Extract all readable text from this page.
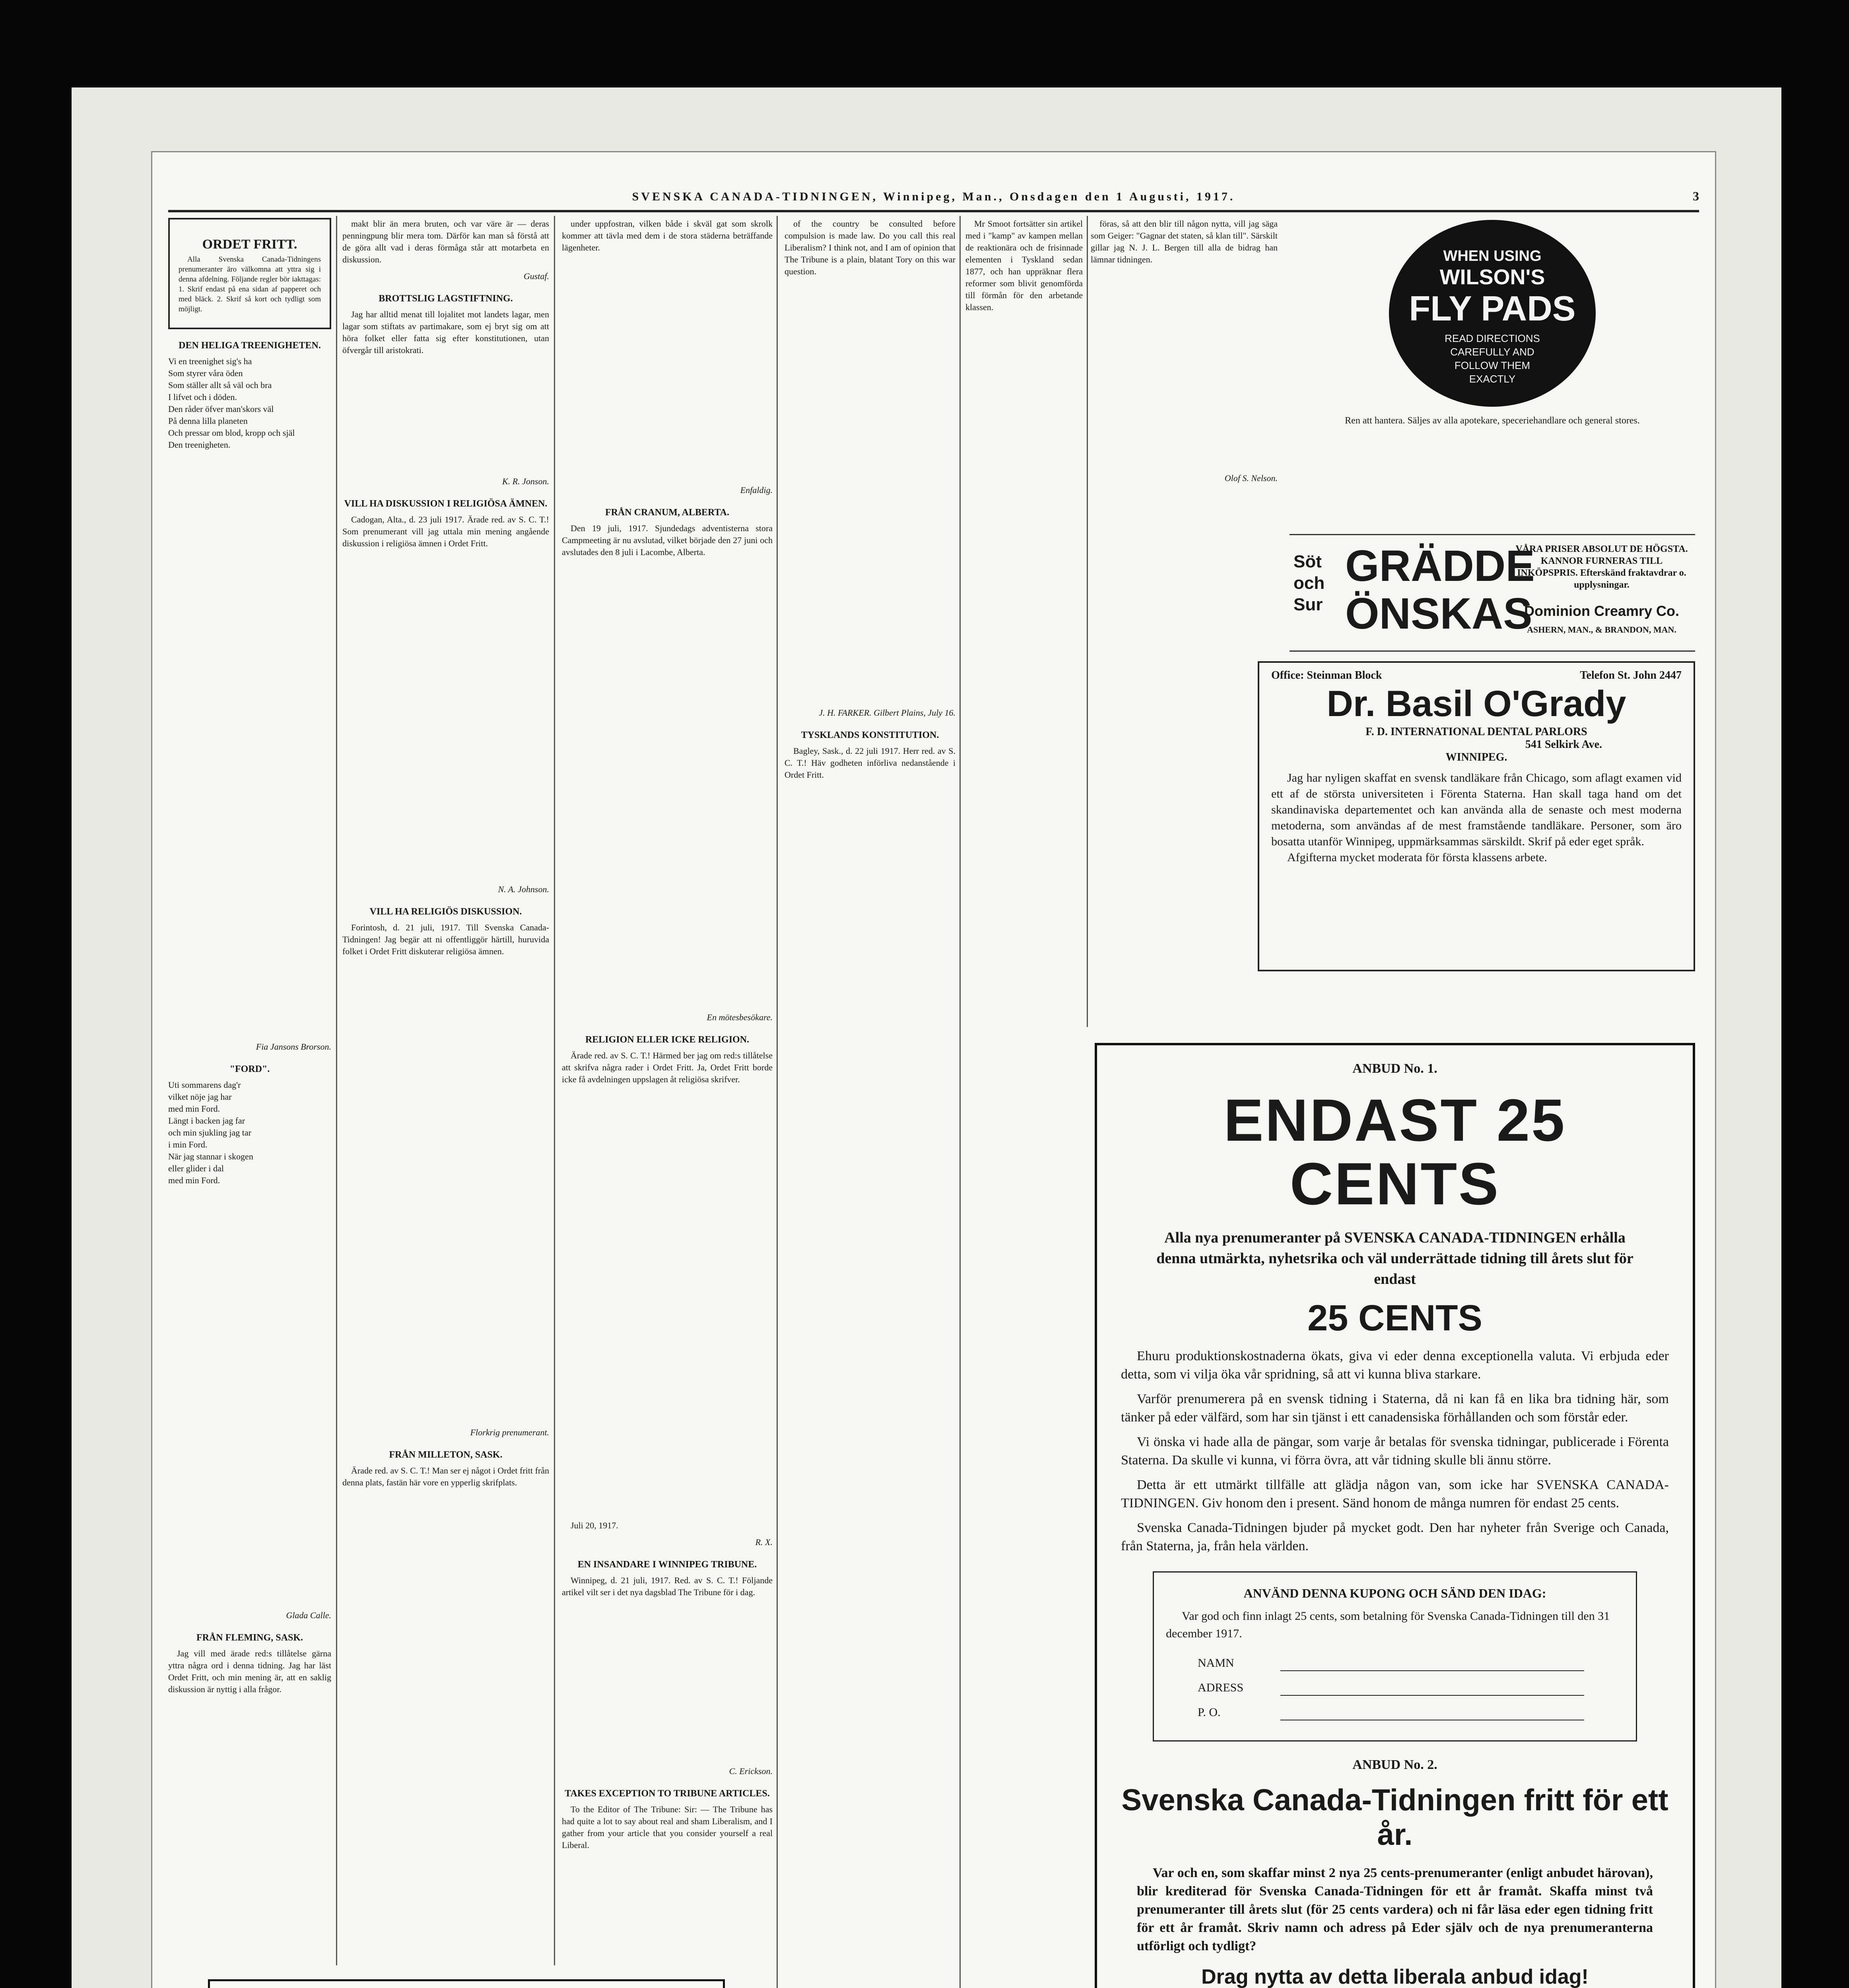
SVENSKA CANADA-TIDNINGEN, Winnipeg, Man., Onsdagen den 1 Augusti, 1917.	3
ORDET FRITT.
Alla Svenska Canada-Tidningens prenumeranter äro välkomna att yttra sig i denna afdelning. Följande regler bör iakttagas: 1. Skrif endast på ena sidan af papperet och med bläck. 2. Skrif så kort och tydligt som möjligt.
DEN HELIGA TREENIGHETEN.
Vi en treenighet sig's ha
Som styrer våra öden
Som ställer allt så väl och bra
I lifvet och i döden.
Den råder öfver man'skors väl
På denna lilla planeten
Och pressar om blod, kropp och själ
Den treenigheten.
Fia Jansons Brorson.
"FORD".
Uti sommarens dag'r
vilket nöje jag har
med min Ford.
Längt i backen jag far
och min sjukling jag tar
i min Ford.
När jag stannar i skogen
eller glider i dal
med min Ford.
Glada Calle.
FRÅN FLEMING, SASK.
Jag vill med ärade red:s tillåtelse gärna yttra några ord i denna tidning. Jag har läst Ordet Fritt, och min mening är, att en saklig diskussion är nyttig i alla frågor.
makt blir än mera bruten, och var väre är — deras penningpung blir mera tom. Därför kan man så förstå att de göra allt vad i deras förmåga står att motarbeta en diskussion.
Gustaf.
BROTTSLIG LAGSTIFTNING.
Jag har alltid menat till lojalitet mot landets lagar, men lagar som stiftats av partimakare, som ej bryt sig om att höra folket eller fatta sig efter konstitutionen, utan öfvergår till aristokrati.
K. R. Jonson.
VILL HA DISKUSSION I RELIGIÖSA ÄMNEN.
Cadogan, Alta., d. 23 juli 1917. Ärade red. av S. C. T.! Som prenumerant vill jag uttala min mening angående diskussion i religiösa ämnen i Ordet Fritt.
N. A. Johnson.
VILL HA RELIGIÖS DISKUSSION.
Forintosh, d. 21 juli, 1917. Till Svenska Canada-Tidningen! Jag begär att ni offentliggör härtill, huruvida folket i Ordet Fritt diskuterar religiösa ämnen.
Florkrig prenumerant.
FRÅN MILLETON, SASK.
Ärade red. av S. C. T.! Man ser ej något i Ordet fritt från denna plats, fastän här vore en ypperlig skrifplats.
under uppfostran, vilken både i skväl gat som skrolk kommer att tävla med dem i de stora städerna beträffande lägenheter.
Enfaldig.
FRÅN CRANUM, ALBERTA.
Den 19 juli, 1917. Sjundedags adventisterna stora Campmeeting är nu avslutad, vilket började den 27 juni och avslutades den 8 juli i Lacombe, Alberta.
En mötesbesökare.
RELIGION ELLER ICKE RELIGION.
Ärade red. av S. C. T.! Härmed ber jag om red:s tillåtelse att skrifva några rader i Ordet Fritt. Ja, Ordet Fritt borde icke få avdelningen uppslagen åt religiösa skrifver.
Juli 20, 1917.
R. X.
EN INSANDARE I WINNIPEG TRIBUNE.
Winnipeg, d. 21 juli, 1917. Red. av S. C. T.! Följande artikel vilt ser i det nya dagsblad The Tribune för i dag.
C. Erickson.
TAKES EXCEPTION TO TRIBUNE ARTICLES.
To the Editor of The Tribune: Sir: — The Tribune has had quite a lot to say about real and sham Liberalism, and I gather from your article that you consider yourself a real Liberal.
of the country be consulted before compulsion is made law. Do you call this real Liberalism? I think not, and I am of opinion that The Tribune is a plain, blatant Tory on this war question.
J. H. FARKER. Gilbert Plains, July 16.
TYSKLANDS KONSTITUTION.
Bagley, Sask., d. 22 juli 1917. Herr red. av S. C. T.! Häv godheten införliva nedanstående i Ordet Fritt.
Mr Smoot fortsätter sin artikel med i "kamp" av kampen mellan de reaktionära och de frisinnade elementen i Tyskland sedan 1877, och han uppräknar flera reformer som blivit genomförda till förmån för den arbetande klassen.
föras, så att den blir till någon nytta, vill jag säga som Geiger: "Gagnar det staten, så klan till". Särskilt gillar jag N. J. L. Bergen till alla de bidrag han lämnar tidningen.
Olof S. Nelson.
WHEN USING
WILSON'S
FLY PADS
READ DIRECTIONS CAREFULLY AND FOLLOW THEM EXACTLY
Ren att hantera. Säljes av alla apotekare, speceriehandlare och general stores.
Söt och Sur
GRÄDDE
ÖNSKAS
VÅRA PRISER ABSOLUT DE HÖGSTA. KANNOR FURNERAS TILL INKÖPSPRIS. Efterskänd fraktavdrar o. upplysningar.
Dominion Creamry Co.
ASHERN, MAN., & BRANDON, MAN.
Office: Steinman Block	Telefon St. John 2447
Dr. Basil O'Grady
F. D. INTERNATIONAL DENTAL PARLORS
541 Selkirk Ave.
WINNIPEG.
Jag har nyligen skaffat en svensk tandläkare från Chicago, som aflagt examen vid ett af de största universiteten i Förenta Staterna. Han skall taga hand om det skandinaviska departementet och kan använda alla de senaste och mest moderna metoderna, som användas af de mest framstående tandläkare. Personer, som äro bosatta utanför Winnipeg, uppmärksammas särskildt. Skrif på eder eget språk.
Afgifterna mycket moderata för första klassens arbete.
ANBUD No. 1.
ENDAST 25 CENTS
Alla nya prenumeranter på SVENSKA CANADA-TIDNINGEN erhålla denna utmärkta, nyhetsrika och väl underrättade tidning till årets slut för endast
25 CENTS
Ehuru produktionskostnaderna ökats, giva vi eder denna exceptionella valuta. Vi erbjuda eder detta, som vi vilja öka vår spridning, så att vi kunna bliva starkare.
Varför prenumerera på en svensk tidning i Staterna, då ni kan få en lika bra tidning här, som tänker på eder välfärd, som har sin tjänst i ett canadensiska förhållanden och som förstår eder.
Vi önska vi hade alla de pängar, som varje år betalas för svenska tidningar, publicerade i Förenta Staterna. Da skulle vi kunna, vi förra övra, att vår tidning skulle bli ännu större.
Detta är ett utmärkt tillfälle att glädja någon van, som icke har SVENSKA CANADA-TIDNINGEN. Giv honom den i present. Sänd honom de många numren för endast 25 cents.
Svenska Canada-Tidningen bjuder på mycket godt. Den har nyheter från Sverige och Canada, från Staterna, ja, från hela världen.
ANVÄND DENNA KUPONG OCH SÄND DEN IDAG:
Var god och finn inlagt 25 cents, som betalning för Svenska Canada-Tidningen till den 31 december 1917.
NAMN
ADRESS
P. O.
ANBUD No. 2.
Svenska Canada-Tidningen fritt för ett år.
Var och en, som skaffar minst 2 nya 25 cents-prenumeranter (enligt anbudet härovan), blir krediterad för Svenska Canada-Tidningen för ett år framåt. Skaffa minst två prenumeranter till årets slut (för 25 cents vardera) och ni får läsa eder egen tidning fritt för ett år framåt. Skriv namn och adress på Eder själv och de nya prenumeranterna utförligt och tydligt?
Drag nytta av detta liberala anbud idag!
